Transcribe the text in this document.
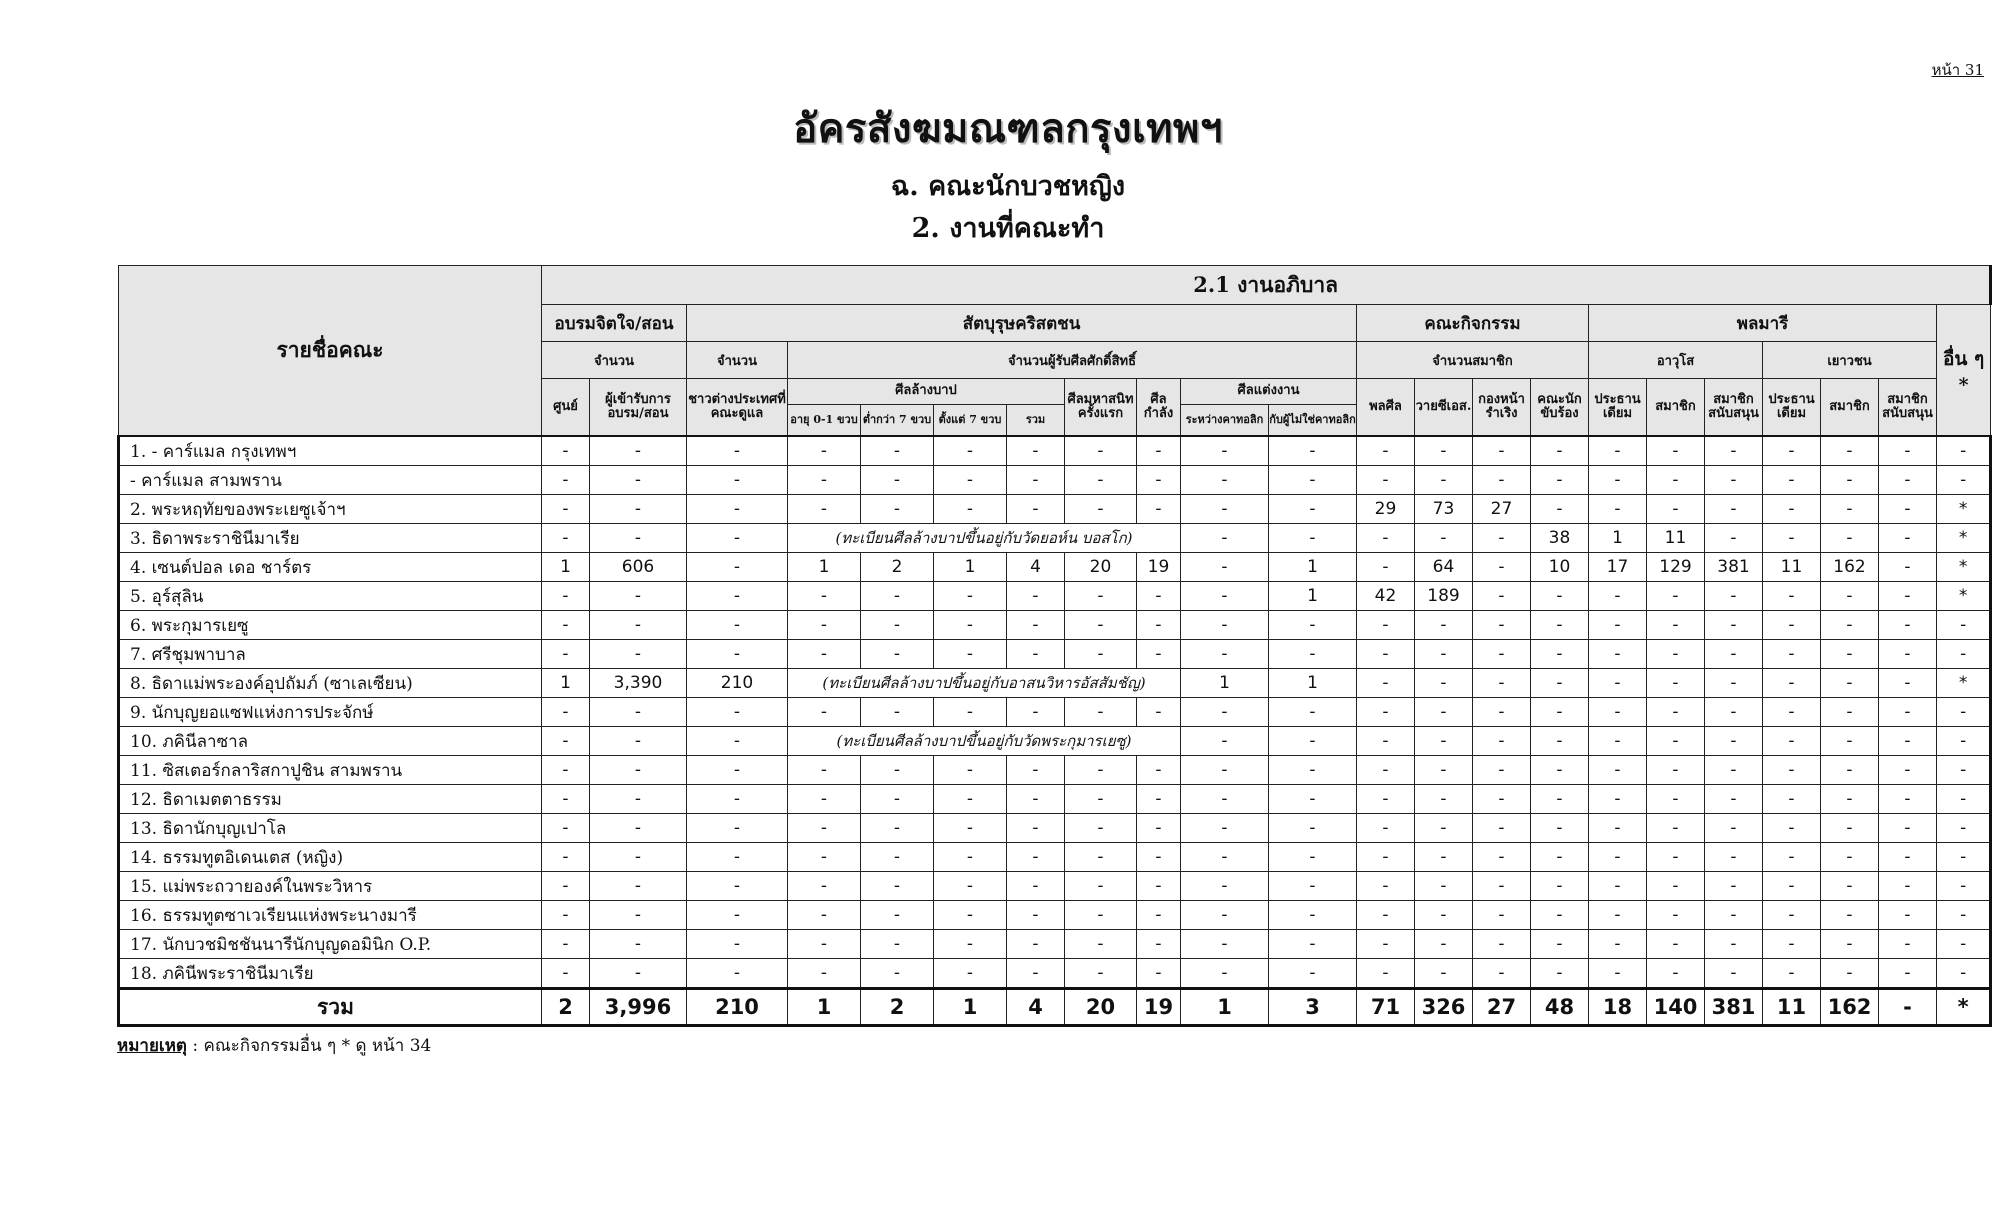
หน้า 31
อัครสังฆมณฑลกรุงเทพฯ
ฉ. คณะนักบวชหญิง
2. งานที่คณะทำ
รายชื่อคณะ	2.1 งานอภิบาล																					
	อบรมจิตใจ/สอน		สัตบุรุษคริสตชน									คณะกิจกรรม				พลมารี						อื่น ๆ *
	จำนวน		จำนวน	จำนวนผู้รับศีลศักดิ์สิทธิ์								จำนวนสมาชิก				อาวุโส			เยาวชน			
	ศูนย์	ผู้เข้ารับการอบรม/สอน	ชาวต่างประเทศที่คณะดูแล	ศีลล้างบาป				ศีลมหาสนิทครั้งแรก	ศีลกำลัง	ศีลแต่งงาน		พลศีล	วายซีเอส.	กองหน้ารำเริง	คณะนักขับร้อง	ประธานเดียม	สมาชิก	สมาชิกสนับสนุน	ประธานเดียม	สมาชิก	สมาชิกสนับสนุน	
				อายุ 0-1 ขวบ	ต่ำกว่า 7 ขวบ	ตั้งแต่ 7 ขวบ	รวม			ระหว่างคาทอลิก	กับผู้ไม่ใช่คาทอลิก											
1. - คาร์แมล กรุงเทพฯ	-	-	-	-	-	-	-	-	-	-	-	-	-	-	-	-	-	-	-	-	-	-
- คาร์แมล สามพราน	-	-	-	-	-	-	-	-	-	-	-	-	-	-	-	-	-	-	-	-	-	-
2. พระหฤทัยของพระเยซูเจ้าฯ	-	-	-	-	-	-	-	-	-	-	-	29	73	27	-	-	-	-	-	-	-	*
3. ธิดาพระราชินีมาเรีย	-	-	-	(ทะเบียนศีลล้างบาปขึ้นอยู่กับวัดยอห์น บอสโก)						-	-	-	-	-	38	1	11	-	-	-	-	*
4. เซนต์ปอล เดอ ชาร์ตร	1	606	-	1	2	1	4	20	19	-	1	-	64	-	10	17	129	381	11	162	-	*
5. อุร์สุลิน	-	-	-	-	-	-	-	-	-	-	1	42	189	-	-	-	-	-	-	-	-	*
6. พระกุมารเยซู	-	-	-	-	-	-	-	-	-	-	-	-	-	-	-	-	-	-	-	-	-	-
7. ศรีชุมพาบาล	-	-	-	-	-	-	-	-	-	-	-	-	-	-	-	-	-	-	-	-	-	-
8. ธิดาแม่พระองค์อุปถัมภ์ (ซาเลเซียน)	1	3,390	210	(ทะเบียนศีลล้างบาปขึ้นอยู่กับอาสนวิหารอัสสัมชัญ)						1	1	-	-	-	-	-	-	-	-	-	-	*
9. นักบุญยอแซฟแห่งการประจักษ์	-	-	-	-	-	-	-	-	-	-	-	-	-	-	-	-	-	-	-	-	-	-
10. ภคินีลาซาล	-	-	-	(ทะเบียนศีลล้างบาปขึ้นอยู่กับวัดพระกุมารเยซู)						-	-	-	-	-	-	-	-	-	-	-	-	-
11. ซิสเตอร์กลาริสกาปูชิน สามพราน	-	-	-	-	-	-	-	-	-	-	-	-	-	-	-	-	-	-	-	-	-	-
12. ธิดาเมตตาธรรม	-	-	-	-	-	-	-	-	-	-	-	-	-	-	-	-	-	-	-	-	-	-
13. ธิดานักบุญเปาโล	-	-	-	-	-	-	-	-	-	-	-	-	-	-	-	-	-	-	-	-	-	-
14. ธรรมทูตอิเดนเตส (หญิง)	-	-	-	-	-	-	-	-	-	-	-	-	-	-	-	-	-	-	-	-	-	-
15. แม่พระถวายองค์ในพระวิหาร	-	-	-	-	-	-	-	-	-	-	-	-	-	-	-	-	-	-	-	-	-	-
16. ธรรมทูตซาเวเรียนแห่งพระนางมารี	-	-	-	-	-	-	-	-	-	-	-	-	-	-	-	-	-	-	-	-	-	-
17. นักบวชมิชชันนารีนักบุญดอมินิก O.P.	-	-	-	-	-	-	-	-	-	-	-	-	-	-	-	-	-	-	-	-	-	-
18. ภคินีพระราชินีมาเรีย	-	-	-	-	-	-	-	-	-	-	-	-	-	-	-	-	-	-	-	-	-	-
รวม	2	3,996	210	1	2	1	4	20	19	1	3	71	326	27	48	18	140	381	11	162	-	*
หมายเหตุ : คณะกิจกรรมอื่น ๆ * ดู หน้า 34
